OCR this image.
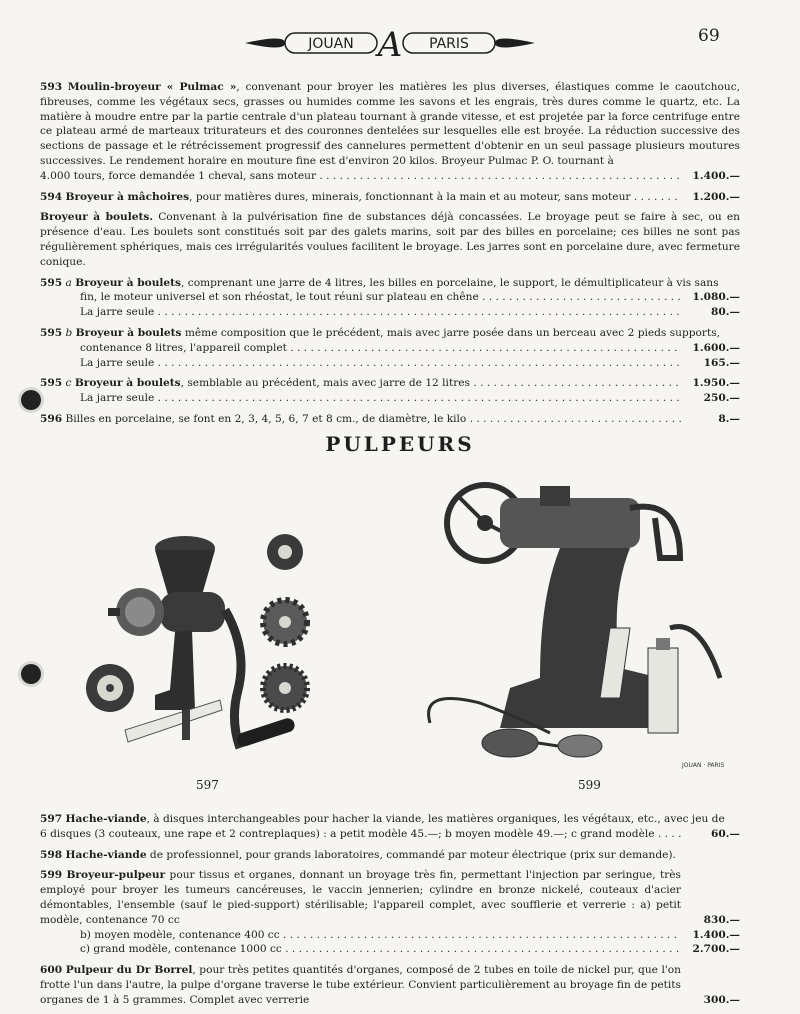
JOUAN	PARIS
A	69
593 Moulin-broyeur « Pulmac », convenant pour broyer les matières les plus diverses, élastiques comme le caoutchouc, fibreuses, comme les végétaux secs, grasses ou humides comme les savons et les engrais, très dures comme le quartz, etc. La matière à moudre entre par la partie centrale d'un plateau tournant à grande vitesse, et est projetée par la force centrifuge entre ce plateau armé de marteaux triturateurs et des couronnes dentelées sur lesquelles elle est broyée. La réduction successive des sections de passage et le rétrécissement progressif des cannelures permettent d'obtenir en un seul passage plusieurs moutures successives. Le rendement horaire en mouture fine est d'environ 20 kilos. Broyeur Pulmac P. O. tournant à
4.000 tours, force demandée 1 cheval, sans moteur . . .	1.400.—
594 Broyeur à mâchoires, pour matières dures, minerais, fonctionnant à la main et au moteur, sans moteur . . .	1.200.—
Broyeur à boulets. Convenant à la pulvérisation fine de substances déjà concassées. Le broyage peut se faire à sec, ou en présence d'eau. Les boulets sont constitués soit par des galets marins, soit par des billes en porcelaine; ces billes ne sont pas régulièrement sphériques, mais ces irrégularités voulues facilitent le broyage. Les jarres sont en porcelaine dure, avec fermeture conique.
595 a Broyeur à boulets, comprenant une jarre de 4 litres, les billes en porcelaine, le support, le démultiplicateur à vis sans
fin, le moteur universel et son rhéostat, le tout réuni sur plateau en chêne . . .	1.080.—
La jarre seule . . .	80.—
595 b Broyeur à boulets même composition que le précédent, mais avec jarre posée dans un berceau avec 2 pieds supports,
contenance 8 litres, l'appareil complet . . .	1.600.—
La jarre seule . . .	165.—
595 c Broyeur à boulets, semblable au précédent, mais avec jarre de 12 litres . . .	1.950.—
La jarre seule . . .	250.—
596 Billes en porcelaine, se font en 2, 3, 4, 5, 6, 7 et 8 cm., de diamètre, le kilo . . .	8.—
PULPEURS
597
JOUAN · PARIS
599
597 Hache-viande, à disques interchangeables pour hacher la viande, les matières organiques, les végétaux, etc., avec jeu de
6 disques (3 couteaux, une rape et 2 contreplaques) : a petit modèle 45.—; b moyen modèle 49.—; c grand modèle . . .	60.—
598 Hache-viande de professionnel, pour grands laboratoires, commandé par moteur électrique (prix sur demande).
599 Broyeur-pulpeur pour tissus et organes, donnant un broyage très fin, permettant l'injection par seringue, très employé pour broyer les tumeurs cancéreuses, le vaccin jennerien; cylindre en bronze nickelé, couteaux d'acier démontables, l'ensemble (sauf le pied-support) stérilisable; l'appareil complet, avec soufflerie et verrerie : a) petit modèle, contenance 70 cc	830.—
b) moyen modèle, contenance 400 cc . . .	1.400.—
c) grand modèle, contenance 1000 cc . . .	2.700.—
600 Pulpeur du Dr Borrel, pour très petites quantités d'organes, composé de 2 tubes en toile de nickel pur, que l'on frotte l'un dans l'autre, la pulpe d'organe traverse le tube extérieur. Convient particulièrement au broyage fin de petits organes de 1 à 5 grammes. Complet avec verrerie	300.—
